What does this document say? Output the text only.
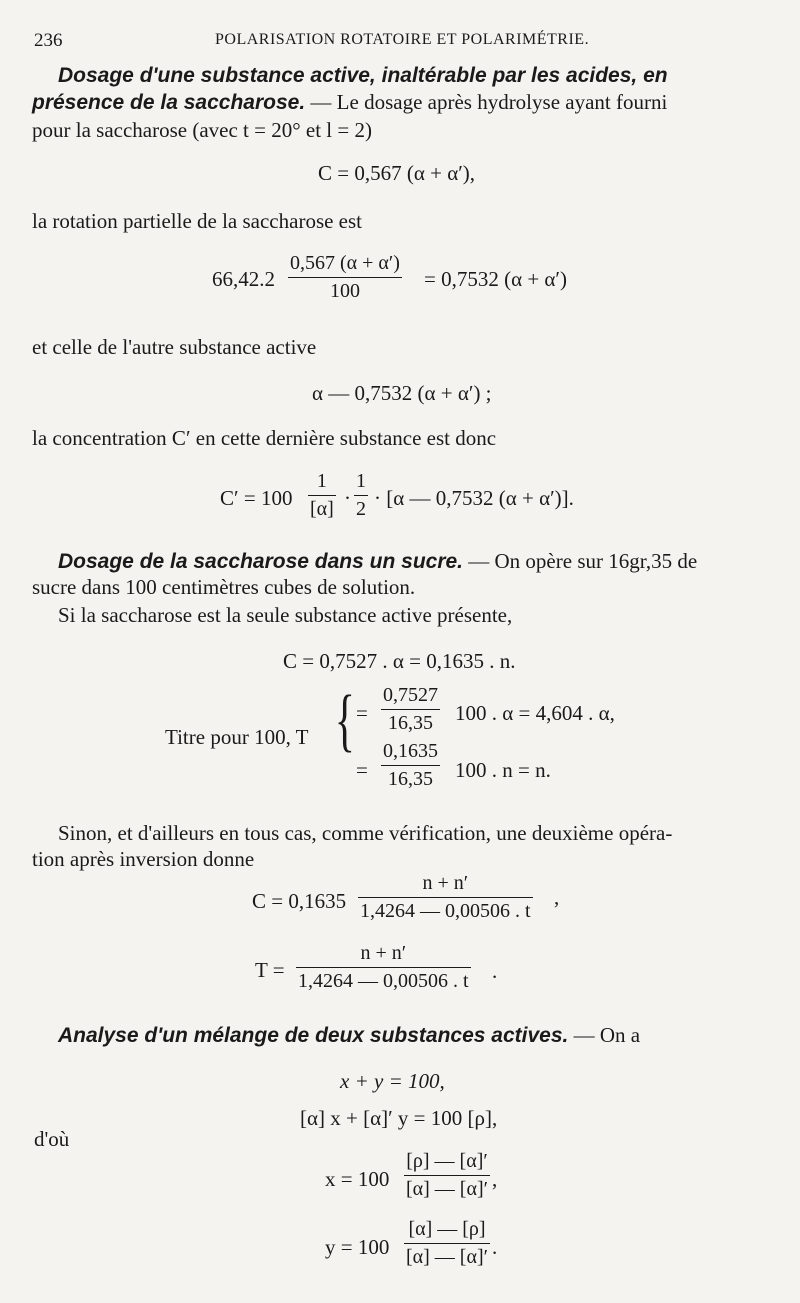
236	POLARISATION ROTATOIRE ET POLARIMÉTRIE.
Dosage d'une substance active, inaltérable par les acides, en
présence de la saccharose. — Le dosage après hydrolyse ayant fourni
pour la saccharose (avec t = 20° et l = 2)
C = 0,567 (α + α′),
la rotation partielle de la saccharose est
66,42.2
0,567 (α + α′)
100	= 0,7532 (α + α′)
et celle de l'autre substance active
α — 0,7532 (α + α′) ;
la concentration C′ en cette dernière substance est donc
C′ = 100
1
[α] ·
1
2 · [α — 0,7532 (α + α′)].
Dosage de la saccharose dans un sucre. — On opère sur 16gr,35 de
sucre dans 100 centimètres cubes de solution.
Si la saccharose est la seule substance active présente,
C = 0,7527 . α = 0,1635 . n.
Titre pour 100, T { =
0,7527
16,35 100 . α = 4,604 . α,
=
0,1635
16,35 100 . n = n.
Sinon, et d'ailleurs en tous cas, comme vérification, une deuxième opéra-
tion après inversion donne
C = 0,1635
n + n′
1,4264 — 0,00506 . t
,
T =
n + n′
1,4264 — 0,00506 . t .
Analyse d'un mélange de deux substances actives. — On a
x + y = 100,
[α] x + [α]′ y = 100 [ρ],
d'où
x = 100
[ρ] — [α]′
[α] — [α]′ ,
y = 100
[α] — [ρ]
[α] — [α]′ .
